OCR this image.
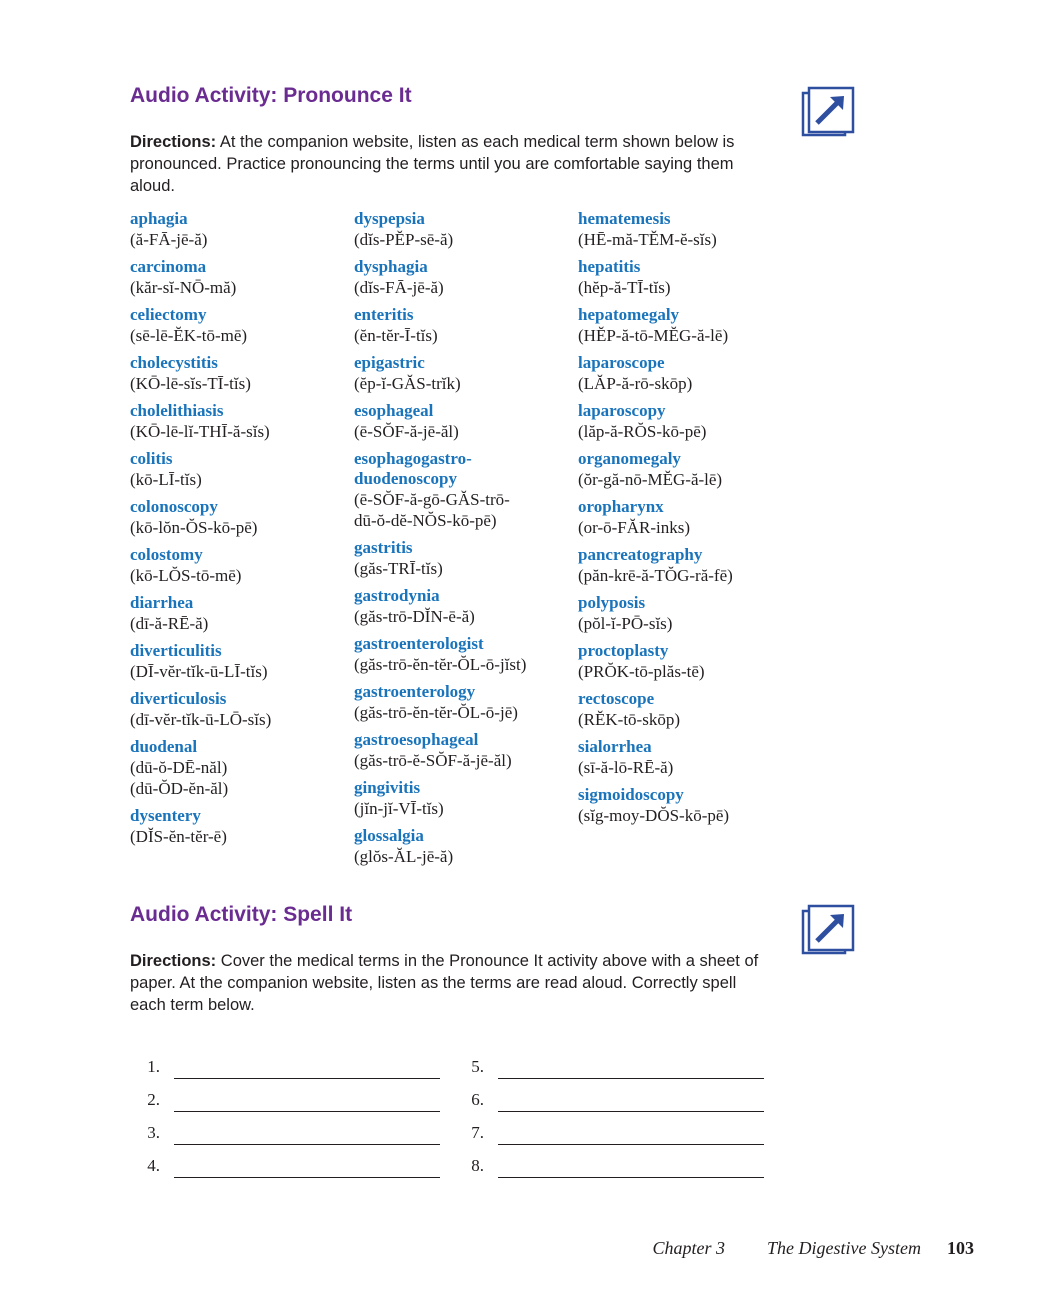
Audio Activity: Pronounce It

Directions: At the companion website, listen as each medical term shown below is pronounced. Practice pronouncing the terms until you are comfortable saying them aloud.

aphagia
(ă-FĀ-jē-ă)
carcinoma
(kăr-sĭ-NŌ-mă)
celiectomy
(sē-lē-ĔK-tō-mē)
cholecystitis
(KŌ-lē-sĭs-TĪ-tĭs)
cholelithiasis
(KŌ-lē-lĭ-THĪ-ă-sĭs)
colitis
(kō-LĪ-tĭs)
colonoscopy
(kō-lŏn-ŎS-kō-pē)
colostomy
(kō-LŎS-tō-mē)
diarrhea
(dī-ă-RĒ-ă)
diverticulitis
(DĪ-vĕr-tĭk-ū-LĪ-tĭs)
diverticulosis
(dī-vĕr-tĭk-ū-LŌ-sĭs)
duodenal
(dū-ŏ-DĒ-năl)
(dū-ŎD-ĕn-ăl)
dysentery
(DĬS-ĕn-tĕr-ē)
dyspepsia
(dĭs-PĔP-sē-ă)
dysphagia
(dĭs-FĀ-jē-ă)
enteritis
(ĕn-tĕr-Ī-tĭs)
epigastric
(ĕp-ĭ-GĂS-trĭk)
esophageal
(ē-SŎF-ă-jē-ăl)
esophagogastro-
duodenoscopy
(ē-SŎF-ă-gō-GĂS-trō-
dū-ŏ-dĕ-NŎS-kō-pē)
gastritis
(găs-TRĪ-tĭs)
gastrodynia
(găs-trō-DĬN-ē-ă)
gastroenterologist
(găs-trō-ĕn-tĕr-ŎL-ō-jĭst)
gastroenterology
(găs-trō-ĕn-tĕr-ŎL-ō-jē)
gastroesophageal
(găs-trō-ĕ-SŎF-ă-jē-ăl)
gingivitis
(jĭn-jĭ-VĪ-tĭs)
glossalgia
(glŏs-ĂL-jē-ă)
hematemesis
(HĒ-mă-TĔM-ĕ-sĭs)
hepatitis
(hĕp-ă-TĪ-tĭs)
hepatomegaly
(HĔP-ă-tō-MĔG-ă-lē)
laparoscope
(LĂP-ă-rō-skōp)
laparoscopy
(lăp-ă-RŎS-kō-pē)
organomegaly
(ŏr-gă-nō-MĔG-ă-lē)
oropharynx
(or-ō-FĂR-inks)
pancreatography
(păn-krē-ă-TŎG-ră-fē)
polyposis
(pŏl-ĭ-PŌ-sĭs)
proctoplasty
(PRŎK-tō-plăs-tē)
rectoscope
(RĔK-tō-skōp)
sialorrhea
(sī-ă-lō-RĒ-ă)
sigmoidoscopy
(sĭg-moy-DŎS-kō-pē)
Audio Activity: Spell It

Directions: Cover the medical terms in the Pronounce It activity above with a sheet of paper. At the companion website, listen as the terms are read aloud. Correctly spell each term below.

1.
2.
3.
4.
5.
6.
7.
8.
Chapter 3 The Digestive System 103
